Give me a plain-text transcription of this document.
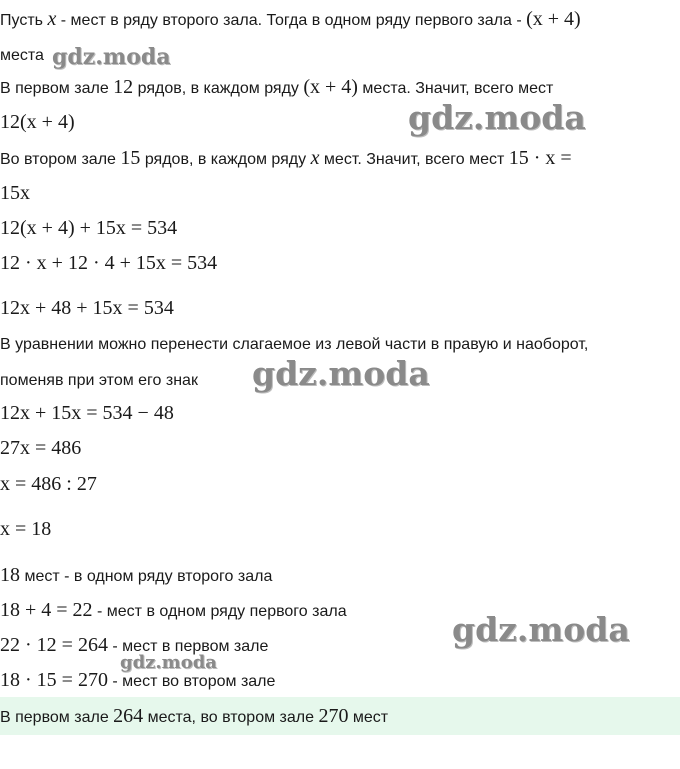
Пусть x - мест в ряду второго зала. Тогда в одном ряду первого зала - (x + 4)
места
В первом зале 12 рядов, в каждом ряду (x + 4) места. Значит, всего мест
12(x + 4)
Во втором зале 15 рядов, в каждом ряду x мест. Значит, всего мест 15 · x =
15x
12(x + 4) + 15x = 534
12 · x + 12 · 4 + 15x = 534
12x + 48 + 15x = 534
В уравнении можно перенести слагаемое из левой части в правую и наоборот,
поменяв при этом его знак
12x + 15x = 534 − 48
27x = 486
x = 486 : 27
x = 18
18 мест - в одном ряду второго зала
18 + 4 = 22 - мест в одном ряду первого зала
22 · 12 = 264 - мест в первом зале
18 · 15 = 270 - мест во втором зале
В первом зале 264 места, во втором зале 270 мест
gdz.moda
gdz.moda
gdz.moda
gdz.moda
gdz.moda
